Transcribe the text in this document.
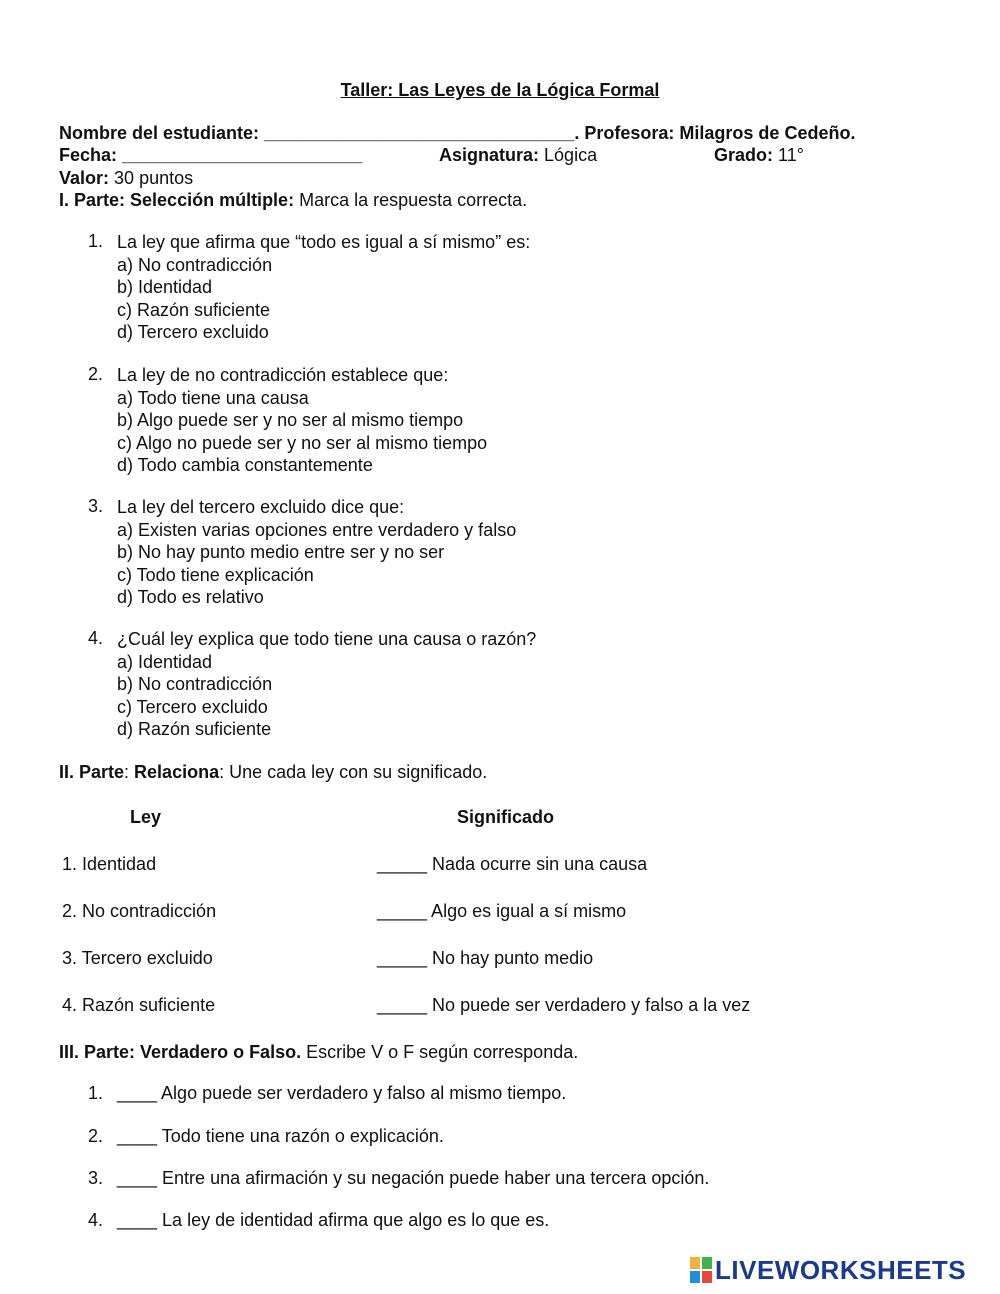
Taller: Las Leyes de la Lógica Formal
Nombre del estudiante: _______________________________. Profesora: Milagros de Cedeño.
Fecha: ________________________	Asignatura: Lógica	Grado: 11°
Valor: 30 puntos
I. Parte: Selección múltiple: Marca la respuesta correcta.
1. La ley que afirma que “todo es igual a sí mismo” es:
a) No contradicción
b) Identidad
c) Razón suficiente
d) Tercero excluido
2. La ley de no contradicción establece que:
a) Todo tiene una causa
b) Algo puede ser y no ser al mismo tiempo
c) Algo no puede ser y no ser al mismo tiempo
d) Todo cambia constantemente
3. La ley del tercero excluido dice que:
a) Existen varias opciones entre verdadero y falso
b) No hay punto medio entre ser y no ser
c) Todo tiene explicación
d) Todo es relativo
4. ¿Cuál ley explica que todo tiene una causa o razón?
a) Identidad
b) No contradicción
c) Tercero excluido
d) Razón suficiente
II. Parte: Relaciona: Une cada ley con su significado.
Ley	Significado
1. Identidad	_____ Nada ocurre sin una causa
2. No contradicción	_____ Algo es igual a sí mismo
3. Tercero excluido	_____ No hay punto medio
4. Razón suficiente	_____ No puede ser verdadero y falso a la vez
III. Parte: Verdadero o Falso. Escribe V o F según corresponda.
1. ____ Algo puede ser verdadero y falso al mismo tiempo.
2. ____ Todo tiene una razón o explicación.
3. ____ Entre una afirmación y su negación puede haber una tercera opción.
4. ____ La ley de identidad afirma que algo es lo que es.
LIVEWORKSHEETS
